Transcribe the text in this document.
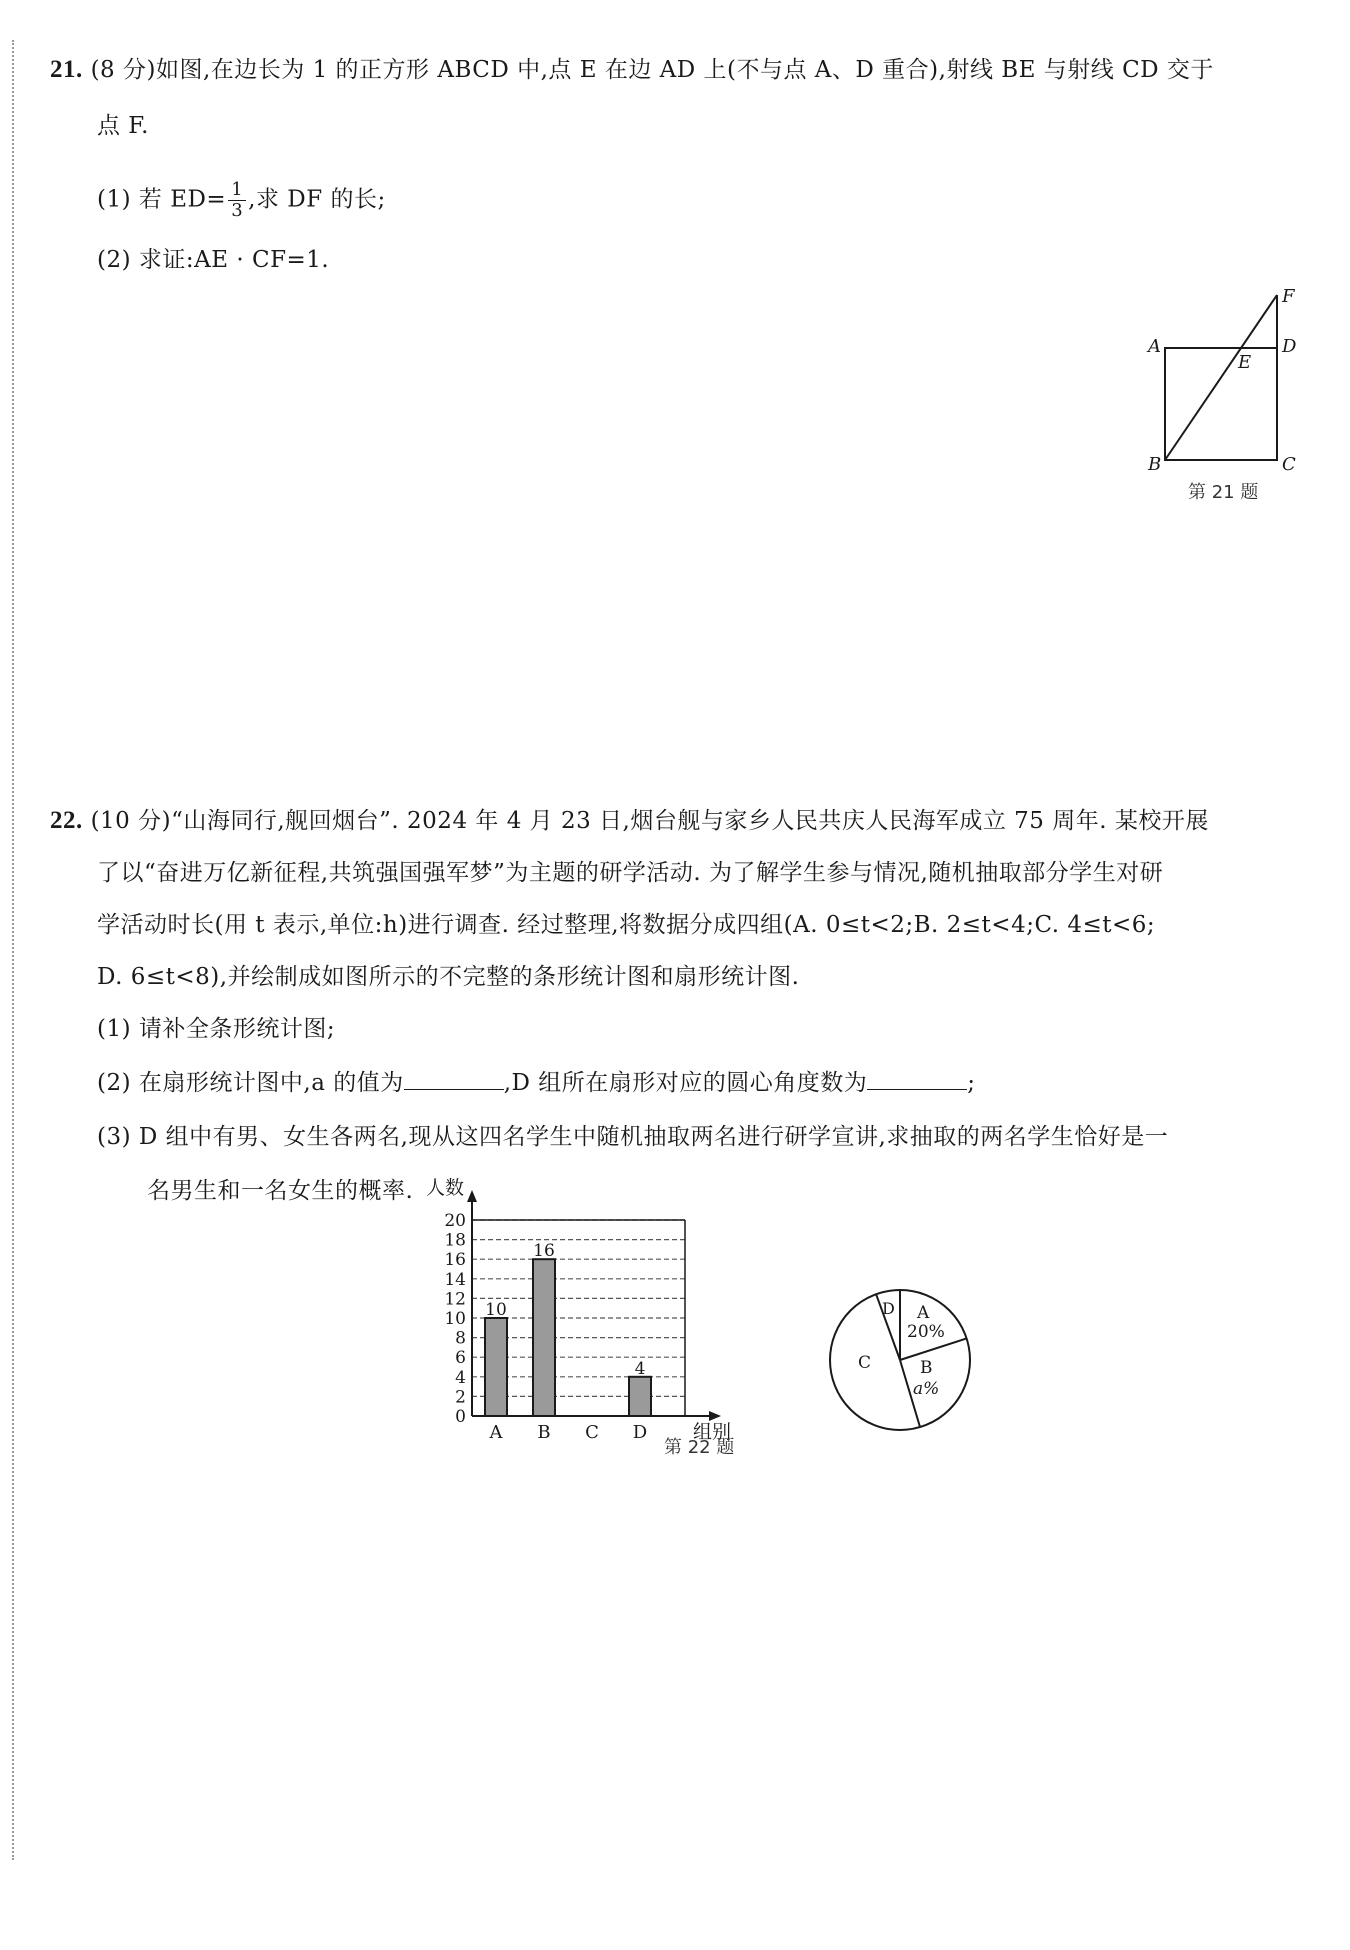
21. (8 分)如图,在边长为 1 的正方形 ABCD 中,点 E 在边 AD 上(不与点 A、D 重合),射线 BE 与射线 CD 交于
点 F.
(1) 若 $ED= \frac{1}{3}$ ,求 DF 的长;
(2) 求证:AE · CF=1.
A
B	C
D
E
F
第 21 题
22. (10 分)“山海同行,舰回烟台”. 2024 年 4 月 23 日,烟台舰与家乡人民共庆人民海军成立 75 周年. 某校开展
了以“奋进万亿新征程,共筑强国强军梦”为主题的研学活动. 为了解学生参与情况,随机抽取部分学生对研
学活动时长(用 t 表示,单位:h)进行调查. 经过整理,将数据分成四组(A. 0≤t<2;B. 2≤t<4;C. 4≤t<6;
D. 6≤t<8),并绘制成如图所示的不完整的条形统计图和扇形统计图.
(1) 请补全条形统计图;
(2) 在扇形统计图中,a 的值为	,D 组所在扇形对应的圆心角度数为	;
(3) D 组中有男、女生各两名,现从这四名学生中随机抽取两名进行研学宣讲,求抽取的两名学生恰好是一
名男生和一名女生的概率.
0
2
4
6
8
10
12
14
16
18
20
10
A
16
B C
4
D
人数
组别
第 22 题
A
20%
B
a%
C
D
